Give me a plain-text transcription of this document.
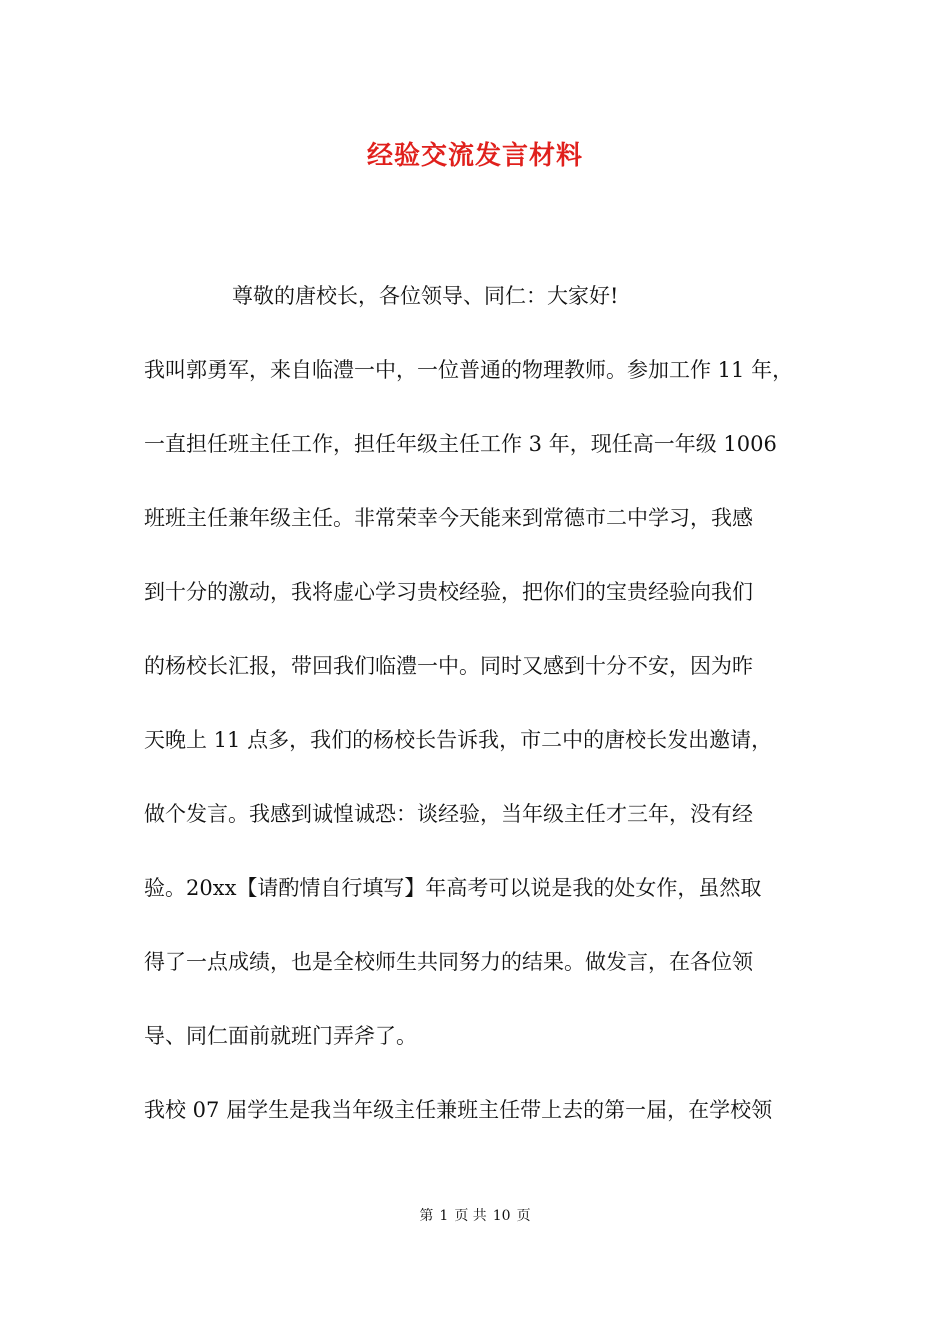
经验交流发言材料
尊敬的唐校长，各位领导、同仁：大家好!
我叫郭勇军，来自临澧一中，一位普通的物理教师。参加工作 11 年，
一直担任班主任工作，担任年级主任工作 3 年，现任高一年级 1006
班班主任兼年级主任。非常荣幸今天能来到常德市二中学习，我感
到十分的激动，我将虚心学习贵校经验，把你们的宝贵经验向我们
的杨校长汇报，带回我们临澧一中。同时又感到十分不安，因为昨
天晚上 11 点多，我们的杨校长告诉我，市二中的唐校长发出邀请，
做个发言。我感到诚惶诚恐：谈经验，当年级主任才三年，没有经
验。20xx【请酌情自行填写】年高考可以说是我的处女作，虽然取
得了一点成绩，也是全校师生共同努力的结果。做发言，在各位领
导、同仁面前就班门弄斧了。
我校 07 届学生是我当年级主任兼班主任带上去的第一届，在学校领
第 1 页 共 10 页
